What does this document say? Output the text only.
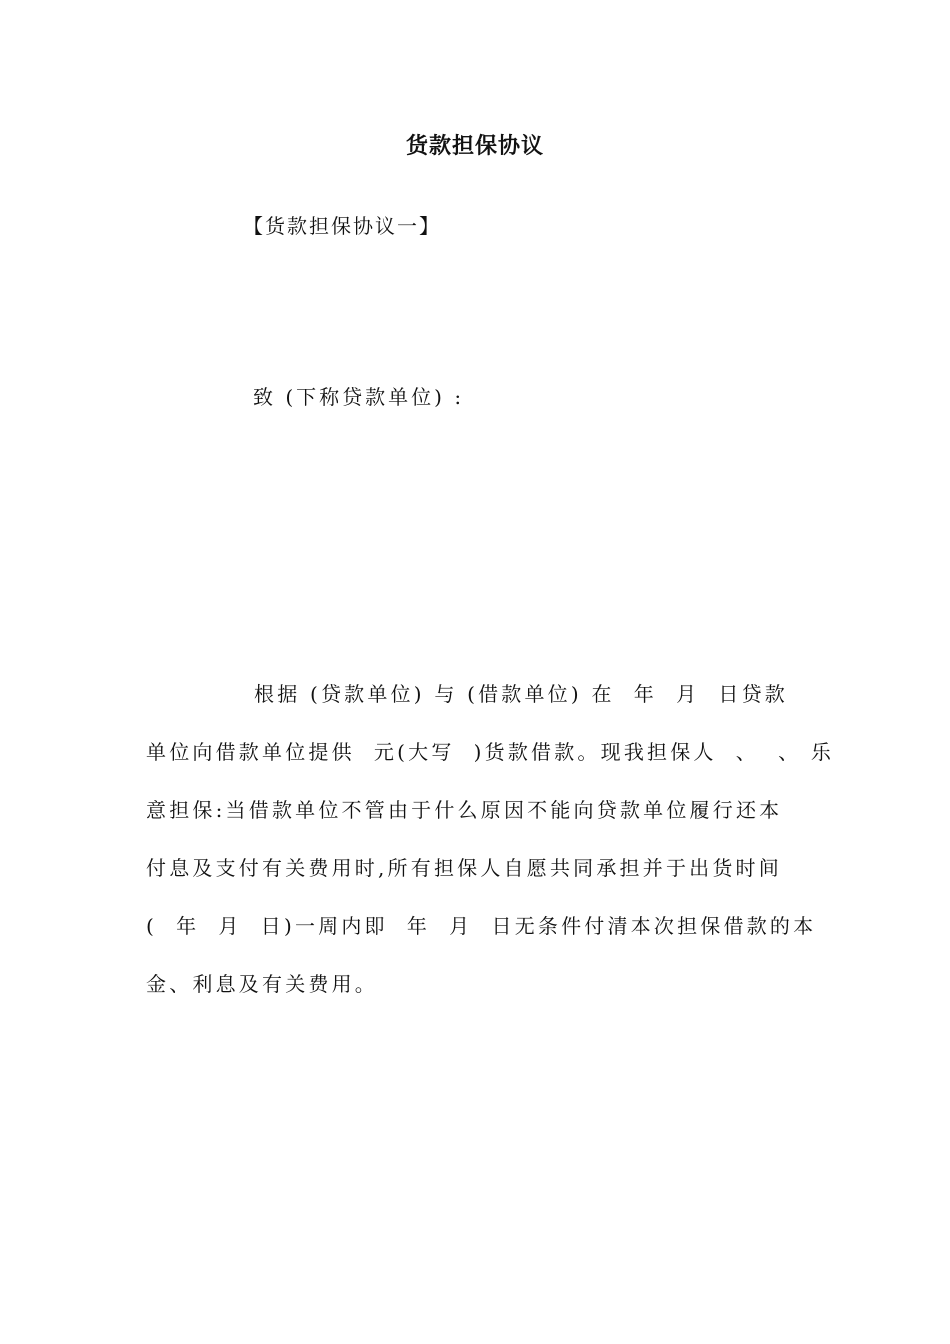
货款担保协议
【货款担保协议一】
致 (下称贷款单位) :
根据 (贷款单位) 与 (借款单位) 在  年  月  日贷款
单位向借款单位提供  元(大写  )货款借款。现我担保人  、  、 乐
意担保:当借款单位不管由于什么原因不能向贷款单位履行还本
付息及支付有关费用时,所有担保人自愿共同承担并于出货时间
(  年  月  日)一周内即  年  月  日无条件付清本次担保借款的本
金、利息及有关费用。
